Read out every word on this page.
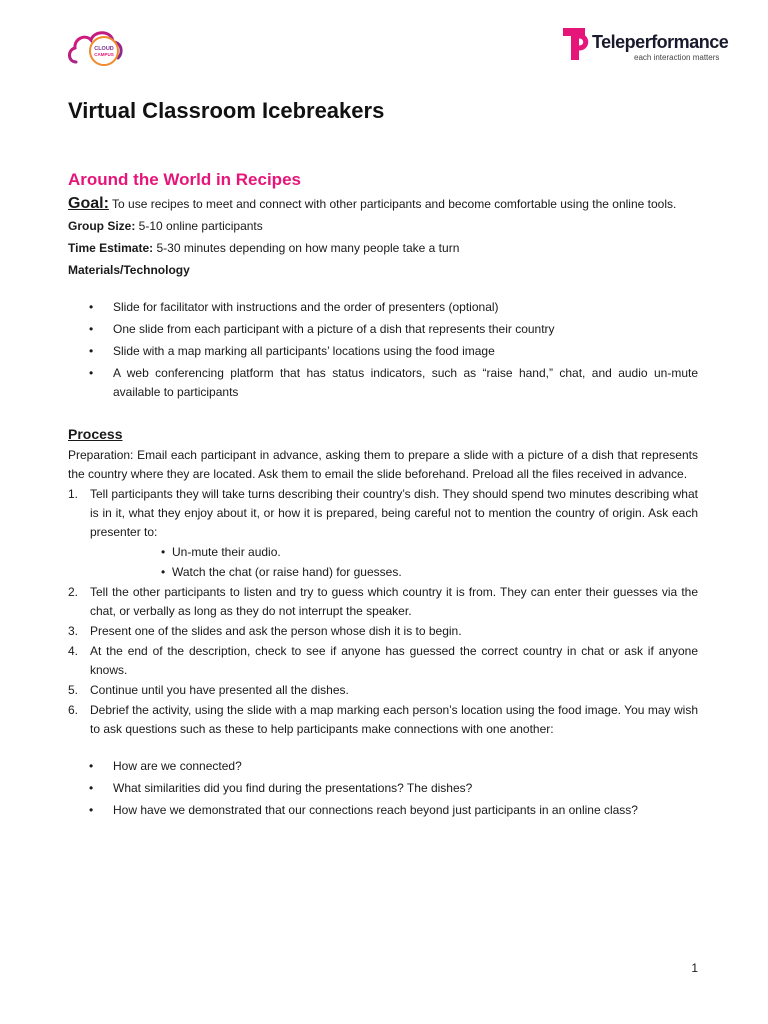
CLOUD
CAMPUS
Teleperformance
each interaction matters
Virtual Classroom Icebreakers
Around the World in Recipes

Goal: To use recipes to meet and connect with other participants and become comfortable using the online tools.

Group Size: 5-10 online participants

Time Estimate: 5-30 minutes depending on how many people take a turn

Materials/Technology

• Slide for facilitator with instructions and the order of presenters (optional)
• One slide from each participant with a picture of a dish that represents their country
• Slide with a map marking all participants’ locations using the food image
• A web conferencing platform that has status indicators, such as “raise hand,” chat, and audio un-mute available to participants
Process

Preparation: Email each participant in advance, asking them to prepare a slide with a picture of a dish that represents the country where they are located. Ask them to email the slide beforehand. Preload all the files received in advance.

1. Tell participants they will take turns describing their country’s dish. They should spend two minutes describing what is in it, what they enjoy about it, or how it is prepared, being careful not to mention the country of origin. Ask each presenter to:
• Un-mute their audio.
• Watch the chat (or raise hand) for guesses.
2. Tell the other participants to listen and try to guess which country it is from. They can enter their guesses via the chat, or verbally as long as they do not interrupt the speaker.
3. Present one of the slides and ask the person whose dish it is to begin.
4. At the end of the description, check to see if anyone has guessed the correct country in chat or ask if anyone knows.
5. Continue until you have presented all the dishes.
6. Debrief the activity, using the slide with a map marking each person’s location using the food image. You may wish to ask questions such as these to help participants make connections with one another:
• How are we connected?
• What similarities did you find during the presentations? The dishes?
• How have we demonstrated that our connections reach beyond just participants in an online class?
1
